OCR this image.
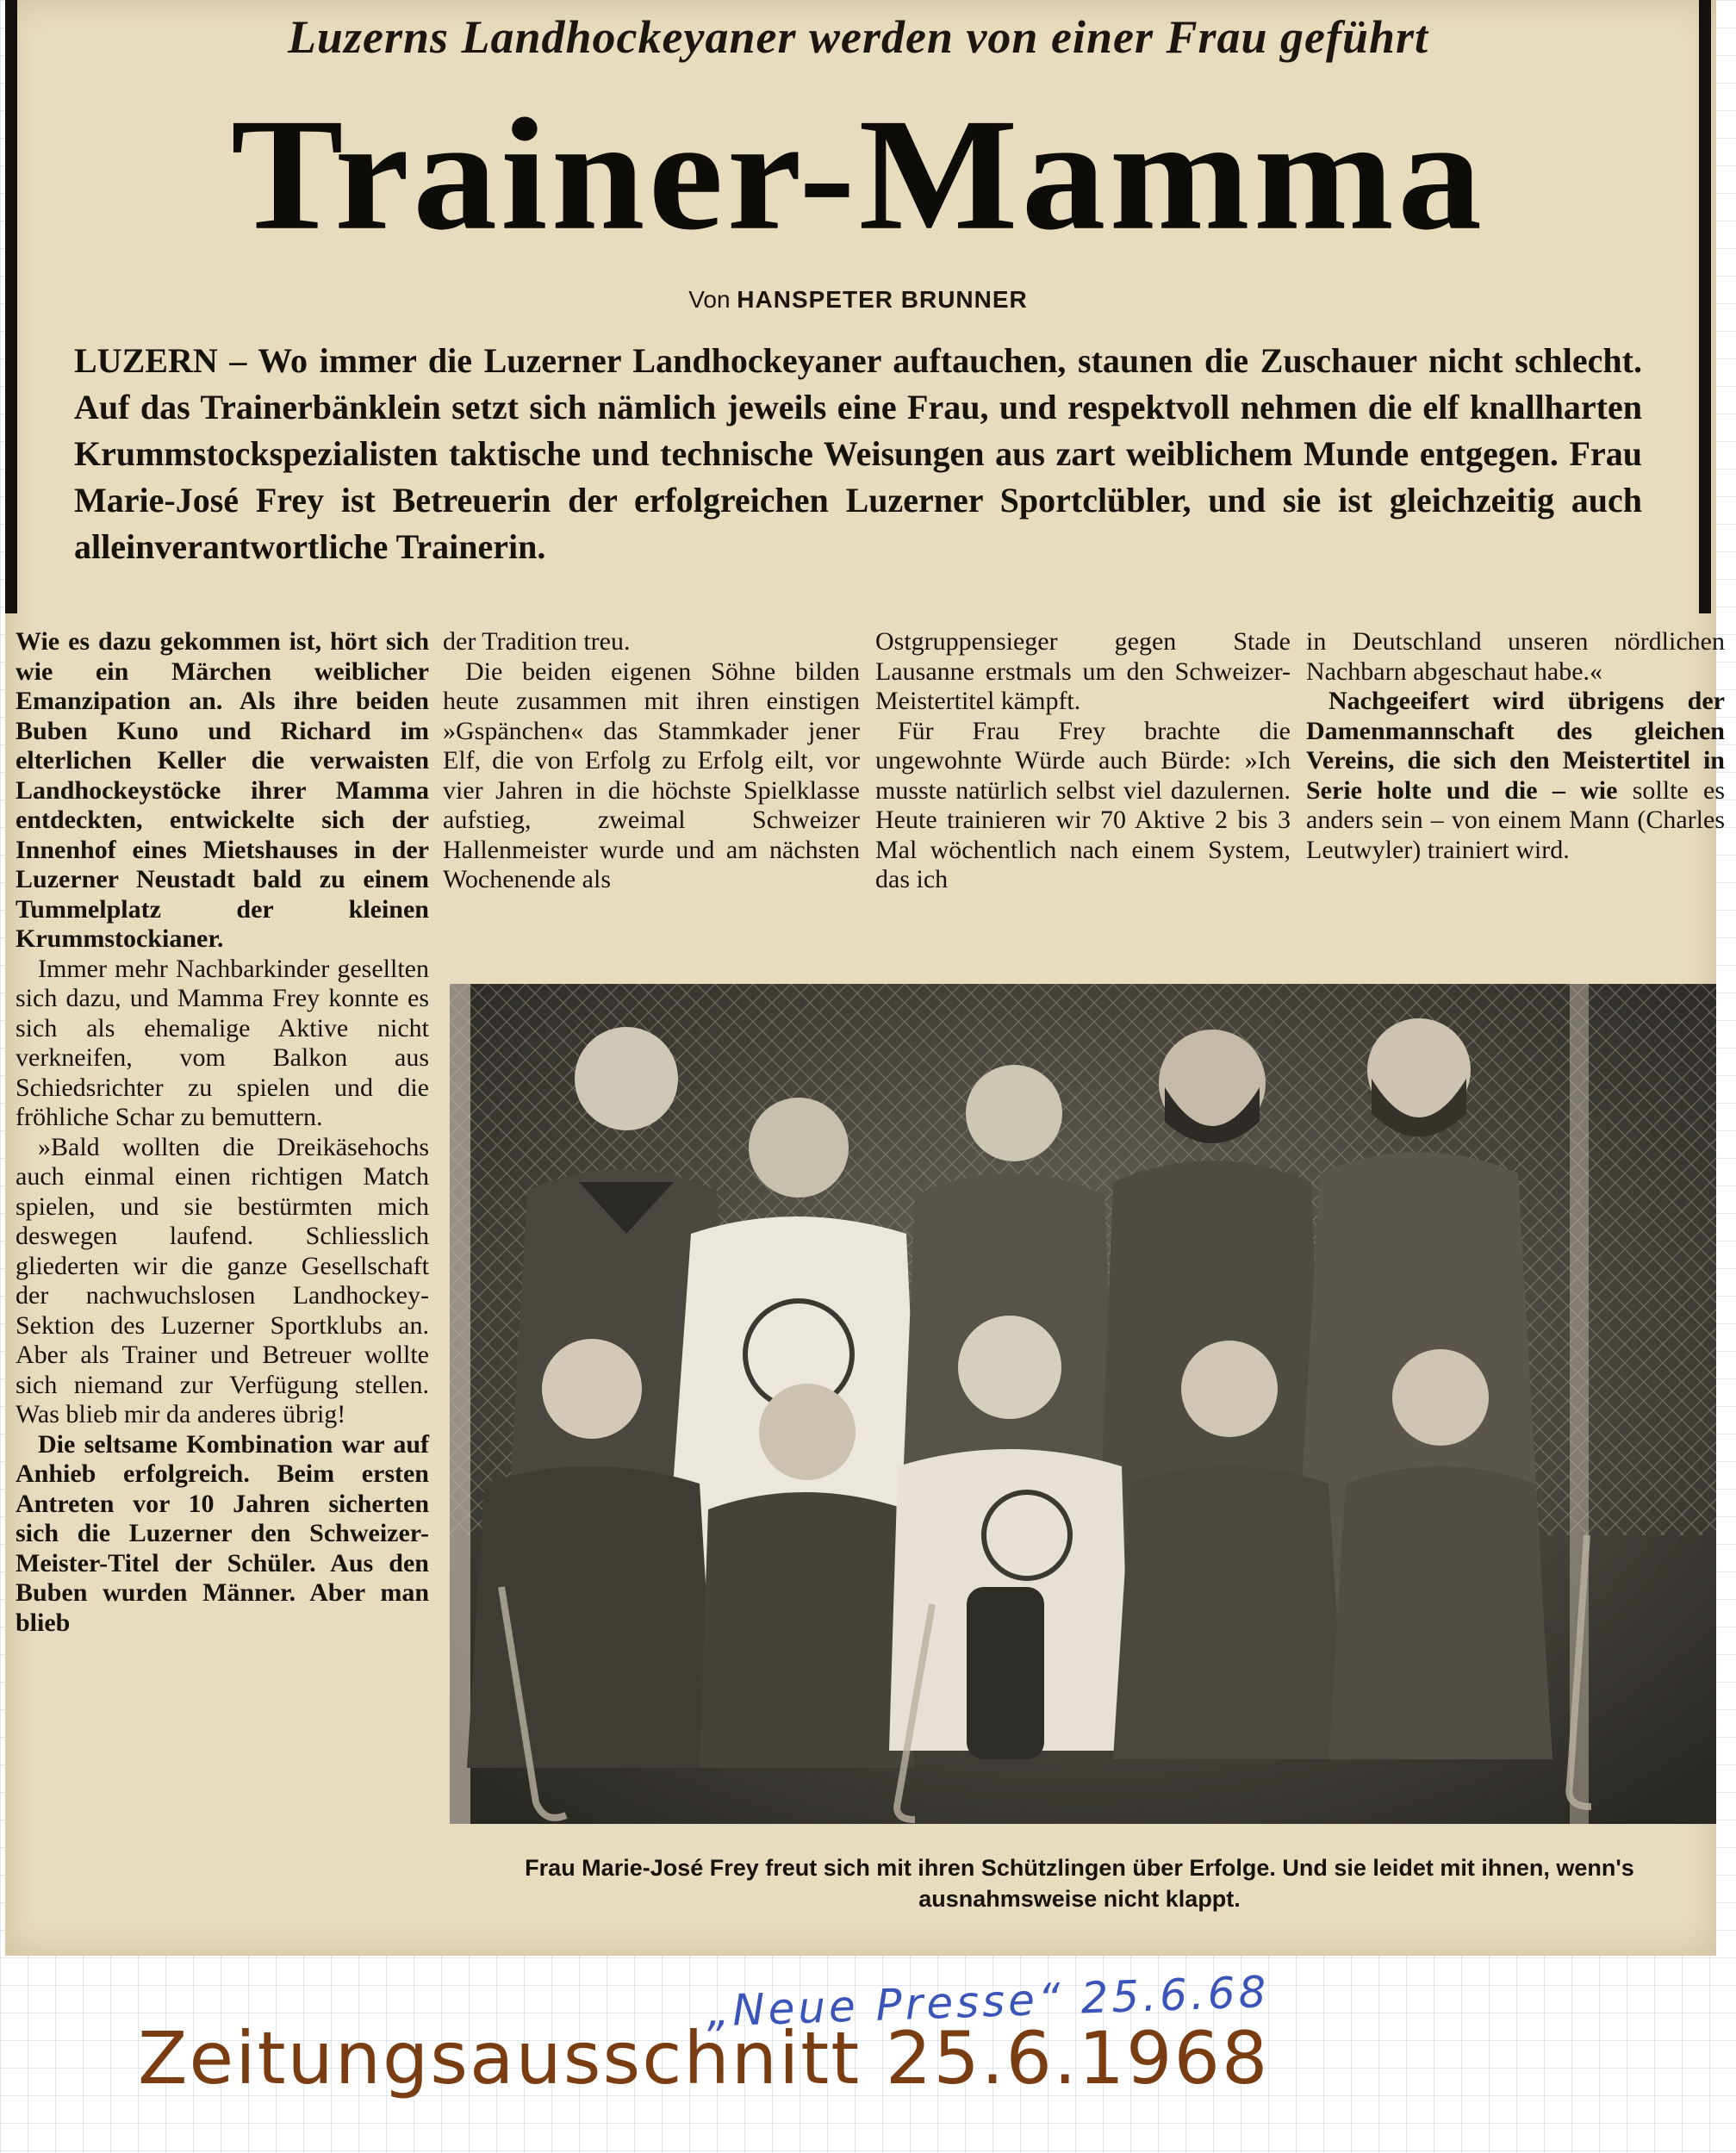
Luzerns Landhockeyaner werden von einer Frau geführt
Trainer-Mamma
Von HANSPETER BRUNNER
LUZERN – Wo immer die Luzerner Landhockeyaner auftauchen, staunen die Zuschauer nicht schlecht. Auf das Trainerbänklein setzt sich nämlich jeweils eine Frau, und respektvoll nehmen die elf knallharten Krummstockspezialisten taktische und technische Weisungen aus zart weiblichem Munde entgegen. Frau Marie-José Frey ist Betreuerin der erfolgreichen Luzerner Sportclübler, und sie ist gleichzeitig auch alleinverantwortliche Trainerin.

Wie es dazu gekommen ist, hört sich wie ein Märchen weiblicher Emanzipation an. Als ihre beiden Buben Kuno und Richard im elterlichen Keller die verwaisten Landhockeystöcke ihrer Mamma entdeckten, entwickelte sich der Innenhof eines Mietshauses in der Luzerner Neustadt bald zu einem Tummelplatz der kleinen Krummstockianer.

Immer mehr Nachbarkinder gesellten sich dazu, und Mamma Frey konnte es sich als ehemalige Aktive nicht verkneifen, vom Balkon aus Schiedsrichter zu spielen und die fröhliche Schar zu bemuttern.

»Bald wollten die Dreikäsehochs auch einmal einen richtigen Match spielen, und sie bestürmten mich deswegen laufend. Schliesslich gliederten wir die ganze Gesellschaft der nachwuchslosen Landhockey-Sektion des Luzerner Sportklubs an. Aber als Trainer und Betreuer wollte sich niemand zur Verfügung stellen. Was blieb mir da anderes übrig!

Die seltsame Kombination war auf Anhieb erfolgreich. Beim ersten Antreten vor 10 Jahren sicherten sich die Luzerner den Schweizer-Meister-Titel der Schüler. Aus den Buben wurden Männer. Aber man blieb

der Tradition treu.

Die beiden eigenen Söhne bilden heute zusammen mit ihren einstigen »Gspänchen« das Stammkader jener Elf, die von Erfolg zu Erfolg eilt, vor vier Jahren in die höchste Spielklasse aufstieg, zweimal Schweizer Hallenmeister wurde und am nächsten Wochenende als

Ostgruppensieger gegen Stade Lausanne erstmals um den Schweizer-Meistertitel kämpft.

Für Frau Frey brachte die ungewohnte Würde auch Bürde: »Ich musste natürlich selbst viel dazulernen. Heute trainieren wir 70 Aktive 2 bis 3 Mal wöchentlich nach einem System, das ich

in Deutschland unseren nördlichen Nachbarn abgeschaut habe.«

Nachgeeifert wird übrigens der Damenmannschaft des gleichen Vereins, die sich den Meistertitel in Serie holte und die – wie sollte es anders sein – von einem Mann (Charles Leutwyler) trainiert wird.

Frau Marie-José Frey freut sich mit ihren Schützlingen über Erfolge. Und sie leidet mit ihnen, wenn's ausnahmsweise nicht klappt.
„Neue Presse“ 25.6.68
Zeitungsausschnitt 25.6.1968
